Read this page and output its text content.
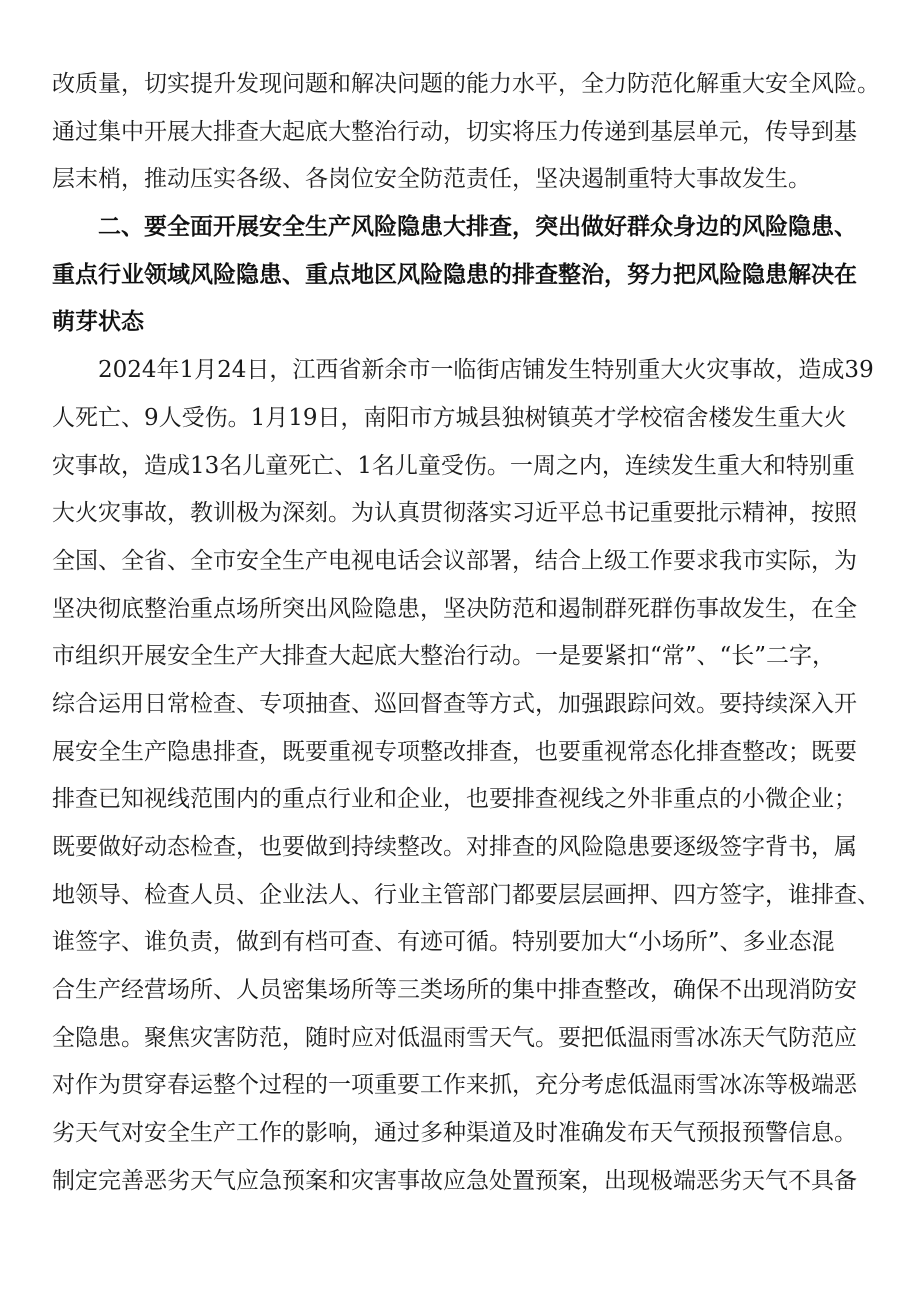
改质量，切实提升发现问题和解决问题的能力水平，全力防范化解重大安全风险。

通过集中开展大排查大起底大整治行动，切实将压力传递到基层单元，传导到基

层末梢，推动压实各级、各岗位安全防范责任，坚决遏制重特大事故发生。

二、要全面开展安全生产风险隐患大排查，突出做好群众身边的风险隐患、

重点行业领域风险隐患、重点地区风险隐患的排查整治，努力把风险隐患解决在

萌芽状态

2024年1月24日，江西省新余市一临街店铺发生特别重大火灾事故，造成39

人死亡、9人受伤。1月19日，南阳市方城县独树镇英才学校宿舍楼发生重大火

灾事故，造成13名儿童死亡、1名儿童受伤。一周之内，连续发生重大和特别重

大火灾事故，教训极为深刻。为认真贯彻落实习近平总书记重要批示精神，按照

全国、全省、全市安全生产电视电话会议部署，结合上级工作要求我市实际，为

坚决彻底整治重点场所突出风险隐患，坚决防范和遏制群死群伤事故发生，在全

市组织开展安全生产大排查大起底大整治行动。一是要紧扣“常”、“长”二字，

综合运用日常检查、专项抽查、巡回督查等方式，加强跟踪问效。要持续深入开

展安全生产隐患排查，既要重视专项整改排查，也要重视常态化排查整改；既要

排查已知视线范围内的重点行业和企业，也要排查视线之外非重点的小微企业；

既要做好动态检查，也要做到持续整改。对排查的风险隐患要逐级签字背书，属

地领导、检查人员、企业法人、行业主管部门都要层层画押、四方签字，谁排查、

谁签字、谁负责，做到有档可查、有迹可循。特别要加大“小场所”、多业态混

合生产经营场所、人员密集场所等三类场所的集中排查整改，确保不出现消防安

全隐患。聚焦灾害防范，随时应对低温雨雪天气。要把低温雨雪冰冻天气防范应

对作为贯穿春运整个过程的一项重要工作来抓，充分考虑低温雨雪冰冻等极端恶

劣天气对安全生产工作的影响，通过多种渠道及时准确发布天气预报预警信息。

制定完善恶劣天气应急预案和灾害事故应急处置预案，出现极端恶劣天气不具备
